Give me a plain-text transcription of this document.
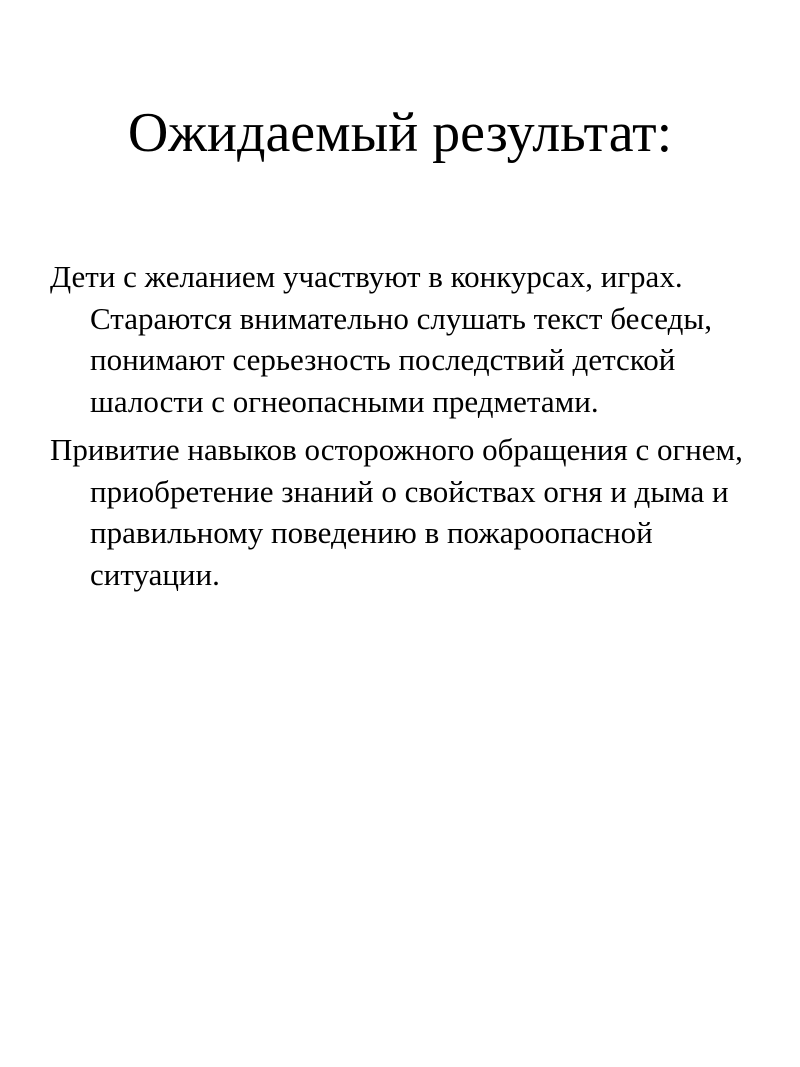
Ожидаемый результат:

Дети с желанием участвуют в конкурсах, играх. Стараются внимательно слушать текст беседы, понимают серьезность последствий детской шалости с огнеопасными предметами.

Привитие навыков осторожного обращения с огнем, приобретение знаний о свойствах огня и дыма и правильному поведению в пожароопасной ситуации.
